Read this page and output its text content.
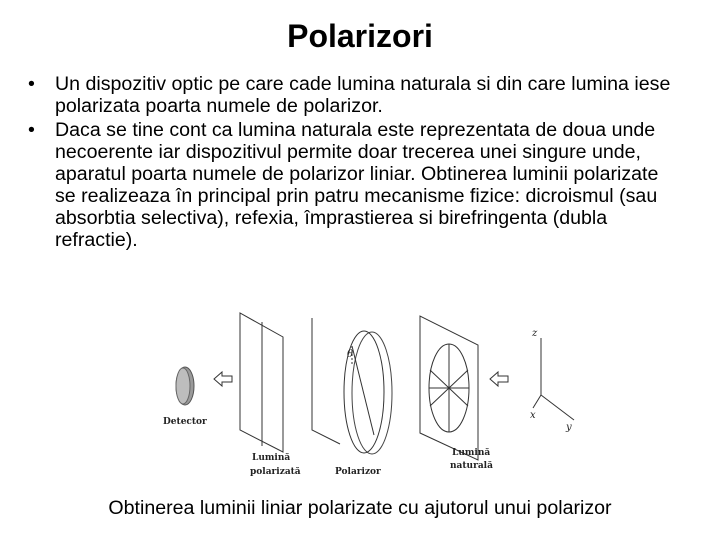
Polarizori
• Un dispozitiv optic pe care cade lumina naturala si din care lumina iese polarizata poarta numele de polarizor.
• Daca se tine cont ca lumina naturala este reprezentata de doua unde necoerente iar dispozitivul permite doar trecerea unei singure unde, aparatul poarta numele de polarizor liniar. Obtinerea luminii polarizate se realizeaza în principal prin patru mecanisme fizice: dicroismul (sau absorbtia selectiva), refexia, împrastierea si birefringenta (dubla refractie).
Detector
Lumină
polarizată	Polarizor
Lumină
naturală
θ
z
x
y
Obtinerea luminii liniar polarizate cu ajutorul unui polarizor
